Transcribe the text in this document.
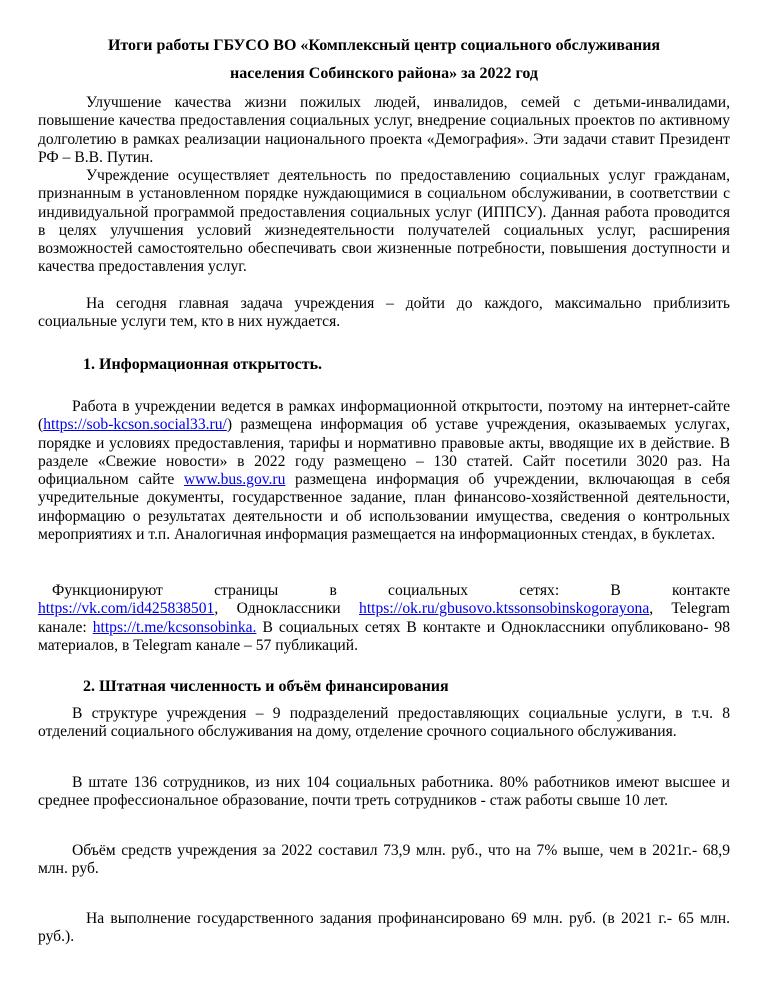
Итоги работы ГБУСО ВО «Комплексный центр социального обслуживания
населения Собинского района» за 2022 год
Улучшение качества жизни пожилых людей, инвалидов, семей с детьми-инвалидами, повышение качества предоставления социальных услуг, внедрение социальных проектов по активному долголетию в рамках реализации национального проекта «Демография». Эти задачи ставит Президент РФ – В.В. Путин.
Учреждение осуществляет деятельность по предоставлению социальных услуг гражданам, признанным в установленном порядке нуждающимися в социальном обслуживании, в соответствии с индивидуальной программой предоставления социальных услуг (ИППСУ). Данная работа проводится в целях улучшения условий жизнедеятельности получателей социальных услуг, расширения возможностей самостоятельно обеспечивать свои жизненные потребности, повышения доступности и качества предоставления услуг.
На сегодня главная задача учреждения – дойти до каждого, максимально приблизить социальные услуги тем, кто в них нуждается.
1. Информационная открытость.
Работа в учреждении ведется в рамках информационной открытости, поэтому на интернет-сайте (https://sob-kcson.social33.ru/) размещена информация об уставе учреждения, оказываемых услугах, порядке и условиях предоставления, тарифы и нормативно правовые акты, вводящие их в действие. В разделе «Свежие новости» в 2022 году размещено – 130 статей. Сайт посетили 3020 раз. На официальном сайте www.bus.gov.ru размещена информация об учреждении, включающая в себя учредительные документы, государственное задание, план финансово-хозяйственной деятельности, информацию о результатах деятельности и об использовании имущества, сведения о контрольных мероприятиях и т.п. Аналогичная информация размещается на информационных стендах, в буклетах.
Функционируют страницы в социальных сетях: В контакте
https://vk.com/id425838501, Одноклассники https://ok.ru/gbusovo.ktssonsobinskogorayona, Telegram канале: https://t.me/kcsonsobinka. В социальных сетях В контакте и Одноклассники опубликовано- 98 материалов, в Telegram канале – 57 публикаций.
2. Штатная численность и объём финансирования
В структуре учреждения – 9 подразделений предоставляющих социальные услуги, в т.ч. 8 отделений социального обслуживания на дому, отделение срочного социального обслуживания.
В штате 136 сотрудников, из них 104 социальных работника. 80% работников имеют высшее и среднее профессиональное образование, почти треть сотрудников - стаж работы свыше 10 лет.
Объём средств учреждения за 2022 составил 73,9 млн. руб., что на 7% выше, чем в 2021г.- 68,9 млн. руб.
На выполнение государственного задания профинансировано 69 млн. руб. (в 2021 г.- 65 млн. руб.).
